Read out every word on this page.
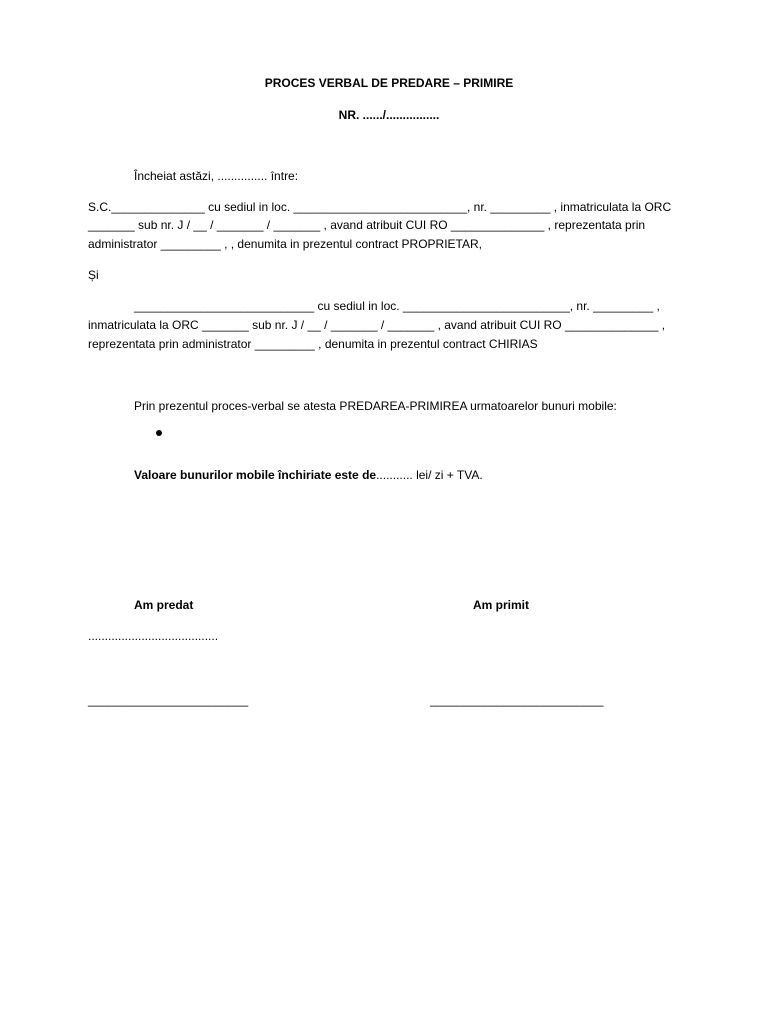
PROCES VERBAL DE PREDARE – PRIMIRE
NR. ....../................
Încheiat astăzi, ............... între:
S.C.______________ cu sediul in loc. __________________________, nr. _________ , inmatriculata la ORC
_______ sub nr. J / __ / _______ / _______ , avand atribuit CUI RO ______________ , reprezentata prin
administrator _________ , , denumita in prezentul contract PROPRIETAR,
Și
___________________________ cu sediul in loc. _________________________, nr. _________ ,
inmatriculata la ORC _______ sub nr. J / __ / _______ / _______ , avand atribuit CUI RO ______________ ,
reprezentata prin administrator _________ , denumita in prezentul contract CHIRIAS
Prin prezentul proces-verbal se atesta PREDAREA-PRIMIREA urmatoarelor bunuri mobile:
Valoare bunurilor mobile închiriate este de........... lei/ zi + TVA.
Am predat	Am primit
.......................................
________________________	__________________________
